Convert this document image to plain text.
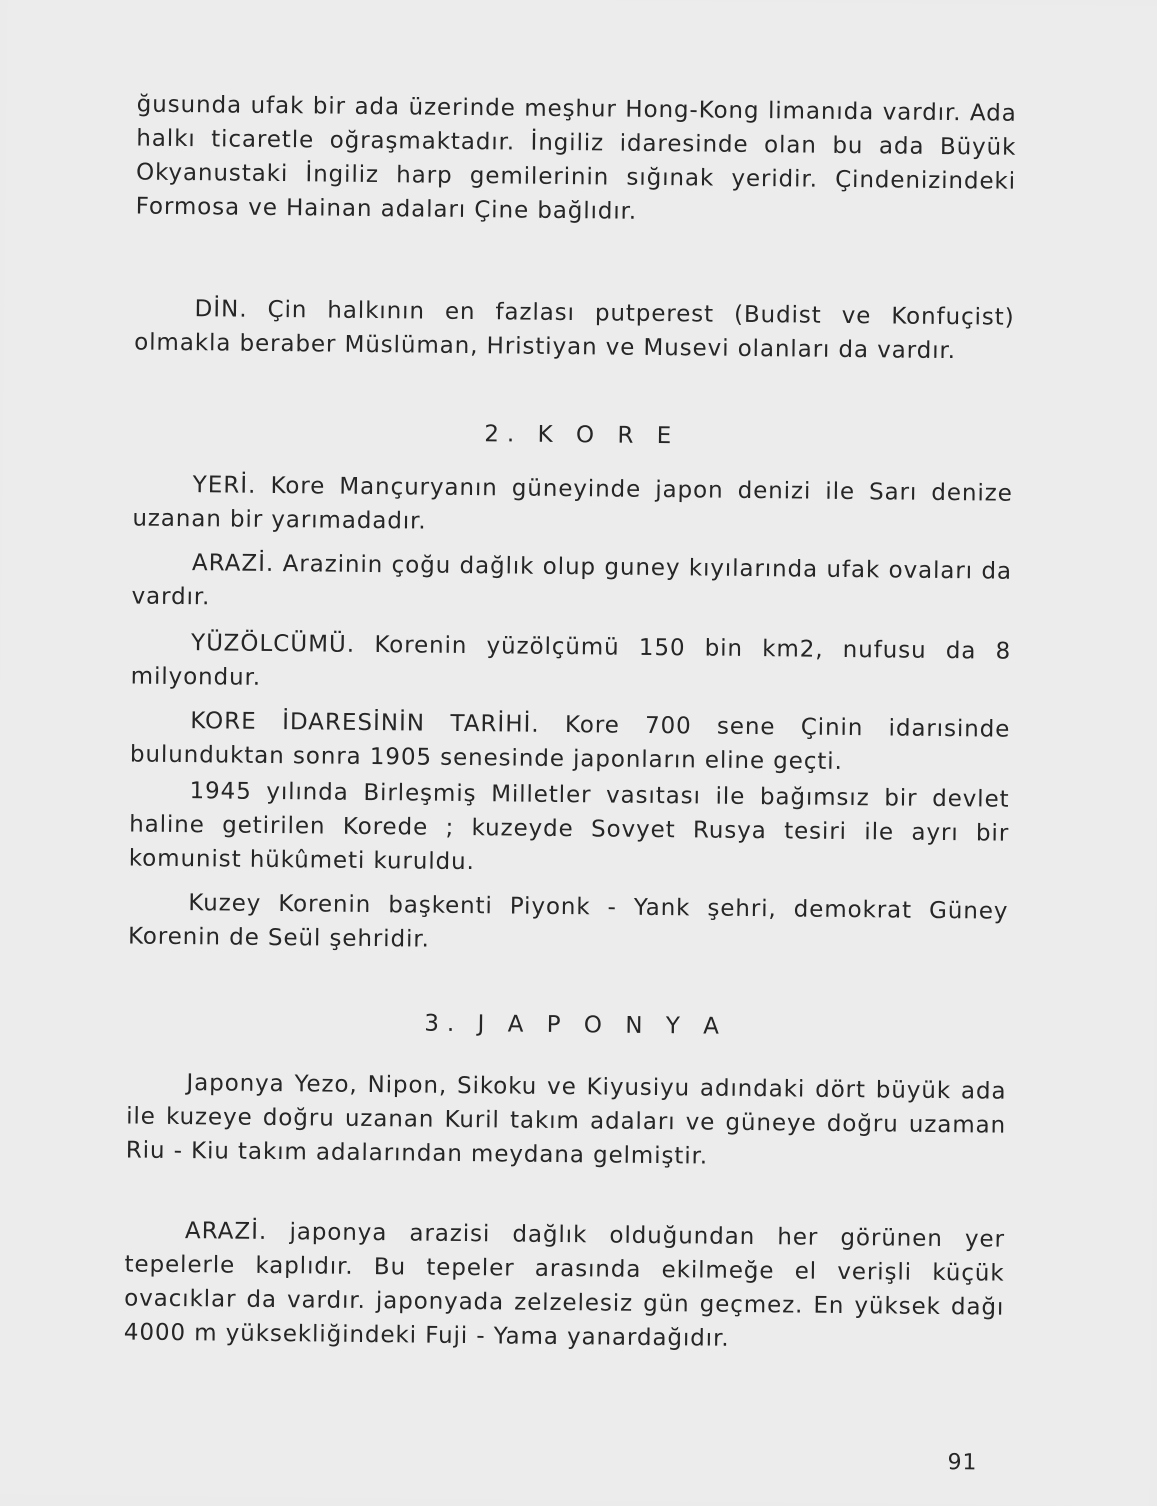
ğusunda ufak bir ada üzerinde meşhur Hong-Kong limanıda vardır. Ada halkı ticaretle oğraşmaktadır. İngiliz idaresinde olan bu ada Büyük Okyanustaki İngiliz harp gemilerinin sığınak yeridir. Çindenizindeki Formosa ve Hainan adaları Çine bağlıdır.

DİN. Çin halkının en fazlası putperest (Budist ve Konfuçist) olmakla beraber Müslüman, Hristiyan ve Musevi olanları da vardır.

2. K O R E

YERİ. Kore Mançuryanın güneyinde japon denizi ile Sarı denize uzanan bir yarımadadır.

ARAZİ. Arazinin çoğu dağlık olup guney kıyılarında ufak ovaları da vardır.

YÜZÖLCÜMÜ. Korenin yüzölçümü 150 bin km2, nufusu da 8 milyondur.

KORE İDARESİNİN TARİHİ. Kore 700 sene Çinin idarısinde bulunduktan sonra 1905 senesinde japonların eline geçti.

1945 yılında Birleşmiş Milletler vasıtası ile bağımsız bir devlet haline getirilen Korede ; kuzeyde Sovyet Rusya tesiri ile ayrı bir komunist hükûmeti kuruldu.

Kuzey Korenin başkenti Piyonk - Yank şehri, demokrat Güney Korenin de Seül şehridir.

3. J A P O N Y A

Japonya Yezo, Nipon, Sikoku ve Kiyusiyu adındaki dört büyük ada ile kuzeye doğru uzanan Kuril takım adaları ve güneye doğru uzaman Riu - Kiu takım adalarından meydana gelmiştir.

ARAZİ. japonya arazisi dağlık olduğundan her görünen yer tepelerle kaplıdır. Bu tepeler arasında ekilmeğe el verişli küçük ovacıklar da vardır. japonyada zelzelesiz gün geçmez. En yüksek dağı 4000 m yüksekliğindeki Fuji - Yama yanardağıdır.

91
